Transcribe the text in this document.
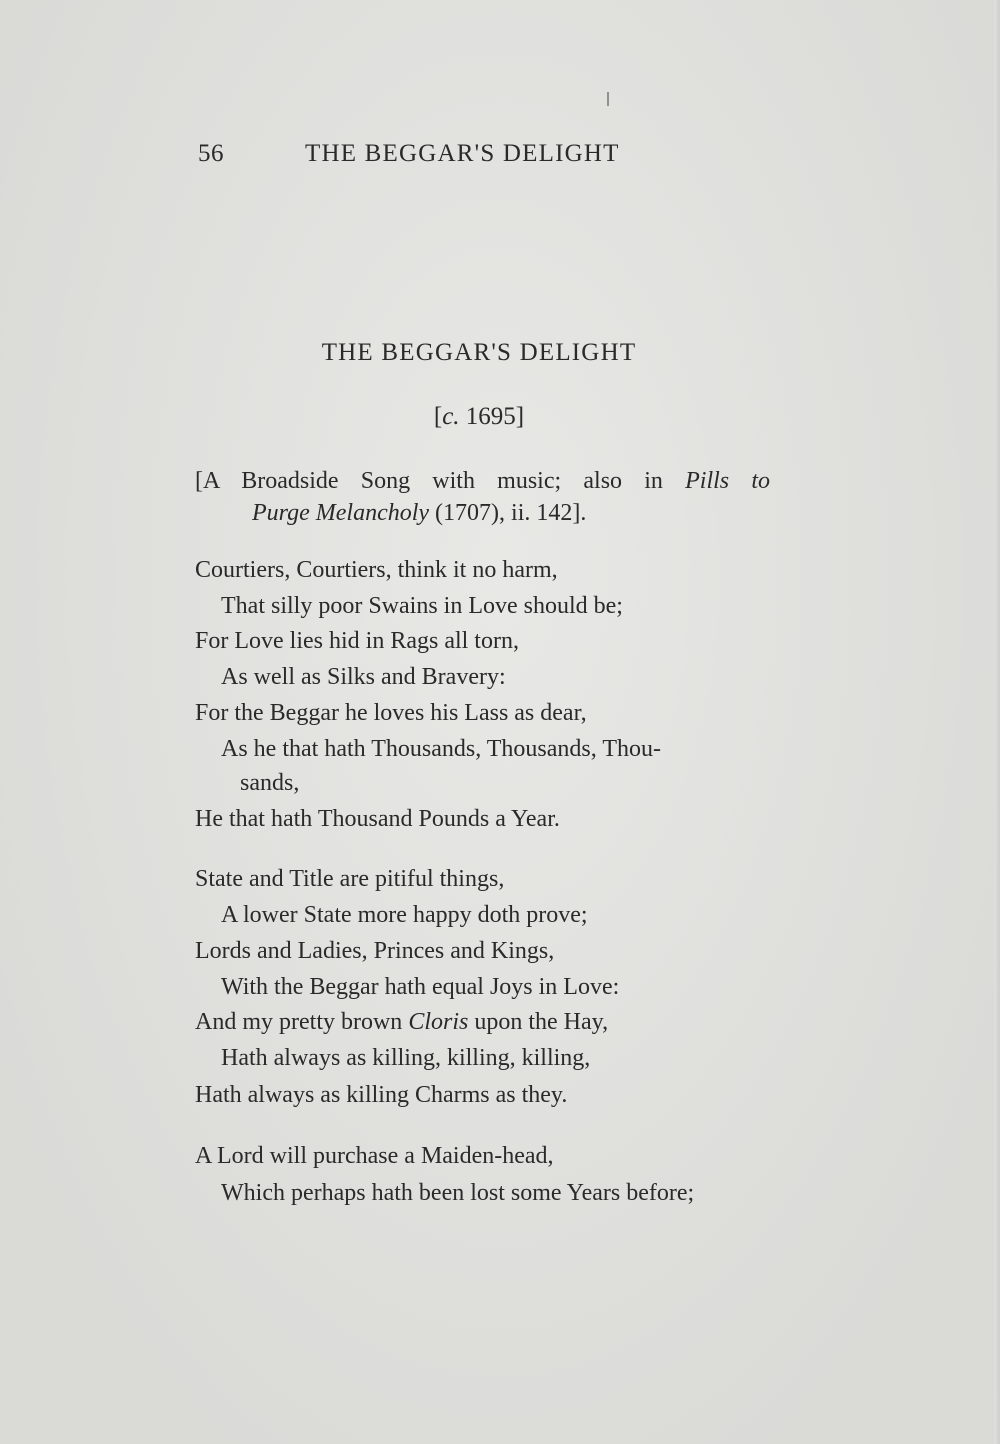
56	THE BEGGAR'S DELIGHT
THE BEGGAR'S DELIGHT
[c. 1695]
[A Broadside Song with music; also in Pills to
Purge Melancholy (1707), ii. 142].
Courtiers, Courtiers, think it no harm,
That silly poor Swains in Love should be;
For Love lies hid in Rags all torn,
As well as Silks and Bravery:
For the Beggar he loves his Lass as dear,
As he that hath Thousands, Thousands, Thou-
sands,
He that hath Thousand Pounds a Year.
State and Title are pitiful things,
A lower State more happy doth prove;
Lords and Ladies, Princes and Kings,
With the Beggar hath equal Joys in Love:
And my pretty brown Cloris upon the Hay,
Hath always as killing, killing, killing,
Hath always as killing Charms as they.
A Lord will purchase a Maiden-head,
Which perhaps hath been lost some Years before;
